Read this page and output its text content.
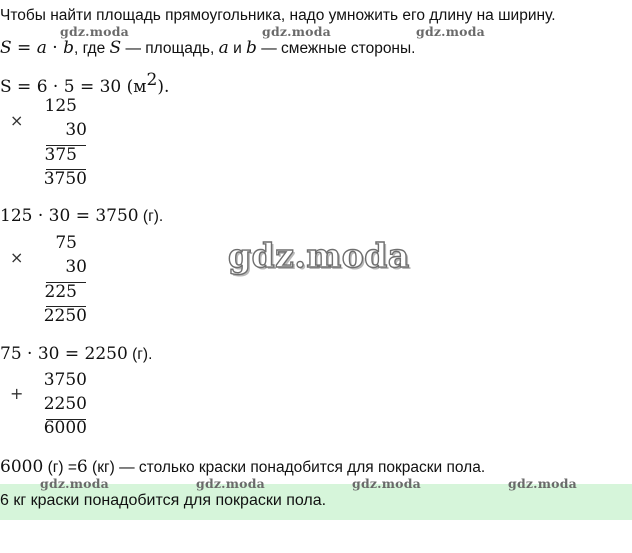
gdz.moda	gdz.moda	gdz.moda
gdz.moda
Чтобы найти площадь прямоугольника, надо умножить его длину на ширину.
S = a · b, где S — площадь, a и b — смежные стороны.
S = 6 · 5 = 30 $(м^2)$.
×
125
30
375
3750
125 · 30 = 3750 (г).
×
75
30
225
2250
75 · 30 = 2250 (г).
+
3750
2250
6000
6000 (г) =6 (кг) — столько краски понадобится для покраски пола.
6 кг краски понадобится для покраски пола.
gdz.moda	gdz.moda	gdz.moda	gdz.moda
